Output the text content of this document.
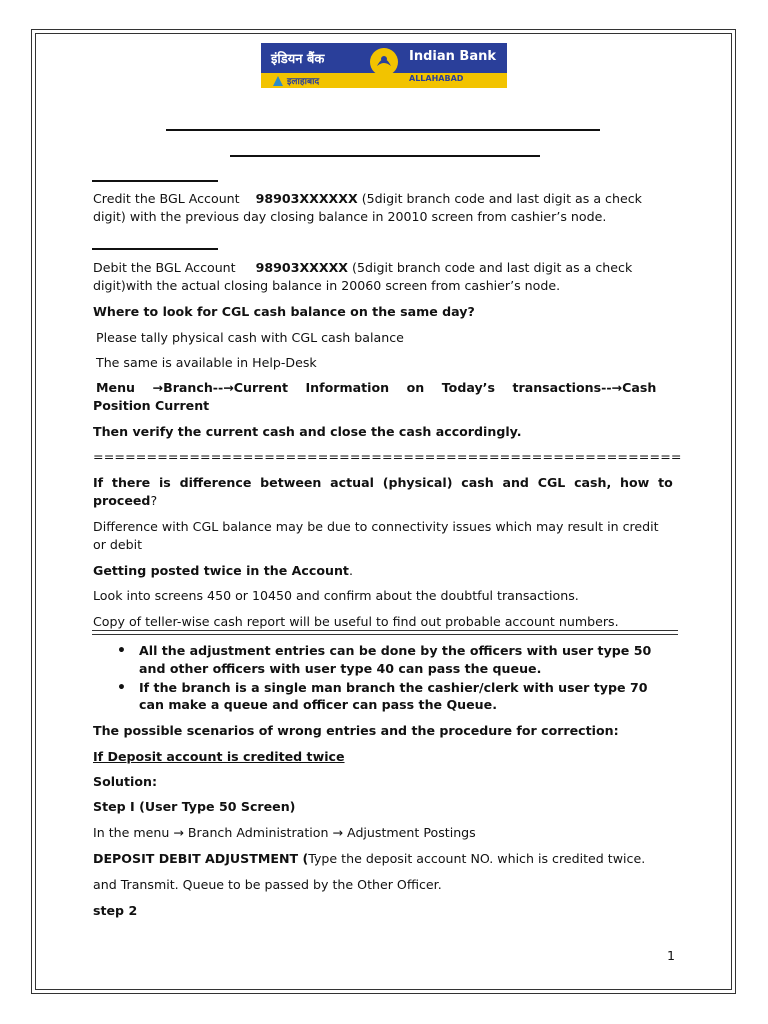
इंडियन बैंक	Indian Bank
इलाहाबाद	ALLAHABAD
Credit the BGL Account 98903XXXXXX (5digit branch code and last digit as a check
digit) with the previous day closing balance in 20010 screen from cashier’s node.
Debit the BGL Account 98903XXXXX (5digit branch code and last digit as a check
digit)with the actual closing balance in 20060 screen from cashier’s node.
Where to look for CGL cash balance on the same day?
Please tally physical cash with CGL cash balance
The same is available in Help-Desk
Menu    →Branch--→Current    Information    on    Today’s    transactions--→Cash
Position Current
Then verify the current cash and close the cash accordingly.
=======================================================
If  there  is  difference  between  actual  (physical)  cash  and  CGL  cash,  how  to
proceed?
Difference with CGL balance may be due to connectivity issues which may result in credit
or debit
Getting posted twice in the Account.
Look into screens 450 or 10450 and confirm about the doubtful transactions.
Copy of teller-wise cash report will be useful to find out probable account numbers.
• All the adjustment entries can be done by the officers with user type 50
and other officers with user type 40 can pass the queue.
• If the branch is a single man branch the cashier/clerk with user type 70
can make a queue and officer can pass the Queue.
The possible scenarios of wrong entries and the procedure for correction:
If Deposit account is credited twice
Solution:
Step I (User Type 50 Screen)
In the menu → Branch Administration → Adjustment Postings
DEPOSIT DEBIT ADJUSTMENT (Type the deposit account NO. which is credited twice.
and Transmit. Queue to be passed by the Other Officer.
step 2
1
